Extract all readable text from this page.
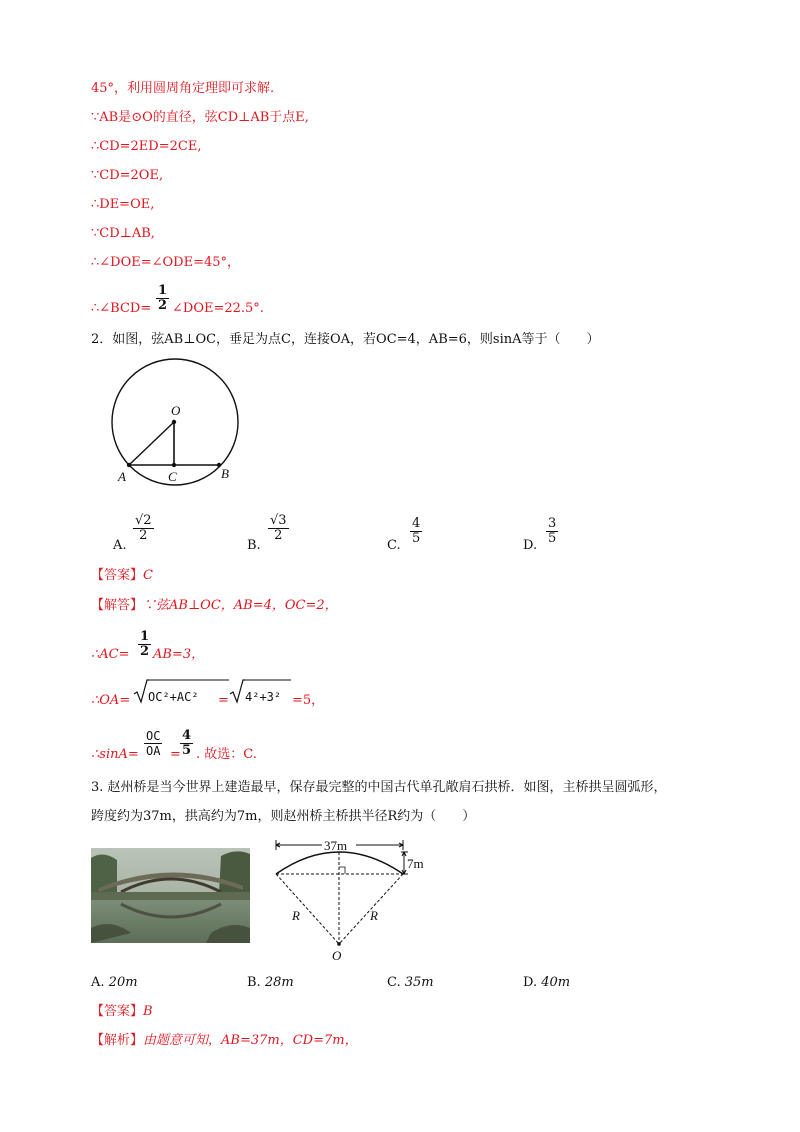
45°，利用圆周角定理即可求解.
∵AB是⊙O的直径，弦CD⊥AB于点E,
∴CD=2ED=2CE,
∵CD=2OE,
∴DE=OE,
∵CD⊥AB,
∴∠DOE=∠ODE=45°，
∴∠BCD= $\frac{1}{2}$ ∠DOE=22.5°.
2．如图，弦AB⊥OC，垂足为点C，连接OA，若OC=4，AB=6，则sinA等于（　　）
O
A	C	B
A.
$\frac{√2}{2}$
B.
$\frac{√3}{2}$
C. $\frac{4}{5}$	D. $\frac{3}{5}$
【答案】C
【解答】∵弦AB⊥OC，AB=4，OC=2，
∴AC= $\frac{1}{2} AB=3$，
∴OA= OC²+AC² = 4²+3² =5，
∴sinA= $\frac{OC}{OA} = \frac{4}{5}$ . 故选：C.
3. 赵州桥是当今世界上建造最早，保存最完整的中国古代单孔敞肩石拱桥．如图，主桥拱呈圆弧形，
跨度约为37m，拱高约为7m，则赵州桥主桥拱半径R约为（　　）
37m
7m
R	R
O
A. 20m	B. 28m	C. 35m	D. 40m
【答案】B
【解析】由题意可知，AB=37m，CD=7m，
